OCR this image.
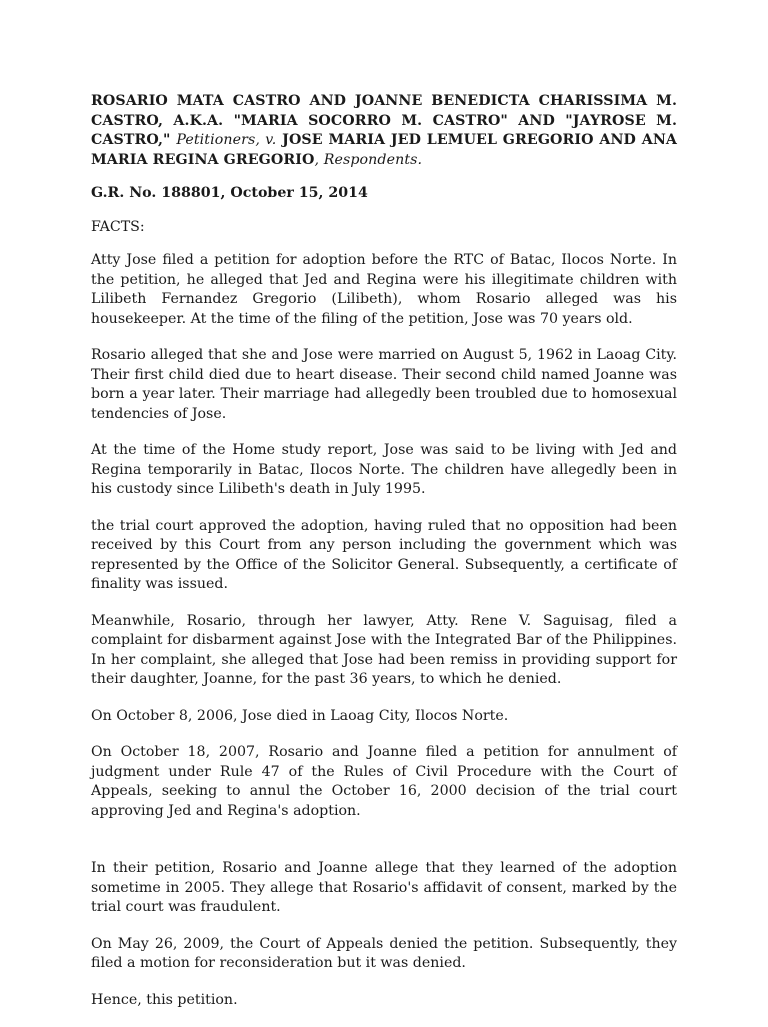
ROSARIO MATA CASTRO AND JOANNE BENEDICTA CHARISSIMA M. CASTRO, A.K.A. "MARIA SOCORRO M. CASTRO" AND "JAYROSE M. CASTRO," Petitioners, v. JOSE MARIA JED LEMUEL GREGORIO AND ANA MARIA REGINA GREGORIO, Respondents.
G.R. No. 188801, October 15, 2014
FACTS:

Atty Jose filed a petition for adoption before the RTC of Batac, Ilocos Norte. In the petition, he alleged that Jed and Regina were his illegitimate children with Lilibeth Fernandez Gregorio (Lilibeth), whom Rosario alleged was his housekeeper. At the time of the filing of the petition, Jose was 70 years old.

Rosario alleged that she and Jose were married on August 5, 1962 in Laoag City. Their first child died due to heart disease. Their second child named Joanne was born a year later. Their marriage had allegedly been troubled due to homosexual tendencies of Jose.

At the time of the Home study report, Jose was said to be living with Jed and Regina temporarily in Batac, Ilocos Norte. The children have allegedly been in his custody since Lilibeth's death in July 1995.

the trial court approved the adoption, having ruled that no opposition had been received by this Court from any person including the government which was represented by the Office of the Solicitor General. Subsequently, a certificate of finality was issued.

Meanwhile, Rosario, through her lawyer, Atty. Rene V. Saguisag, filed a complaint for disbarment against Jose with the Integrated Bar of the Philippines. In her complaint, she alleged that Jose had been remiss in providing support for their daughter, Joanne, for the past 36 years, to which he denied.

On October 8, 2006, Jose died in Laoag City, Ilocos Norte.

On October 18, 2007, Rosario and Joanne filed a petition for annulment of judgment under Rule 47 of the Rules of Civil Procedure with the Court of Appeals, seeking to annul the October 16, 2000 decision of the trial court approving Jed and Regina's adoption.

In their petition, Rosario and Joanne allege that they learned of the adoption sometime in 2005. They allege that Rosario's affidavit of consent, marked by the trial court was fraudulent.

On May 26, 2009, the Court of Appeals denied the petition. Subsequently, they filed a motion for reconsideration but it was denied.

Hence, this petition.
